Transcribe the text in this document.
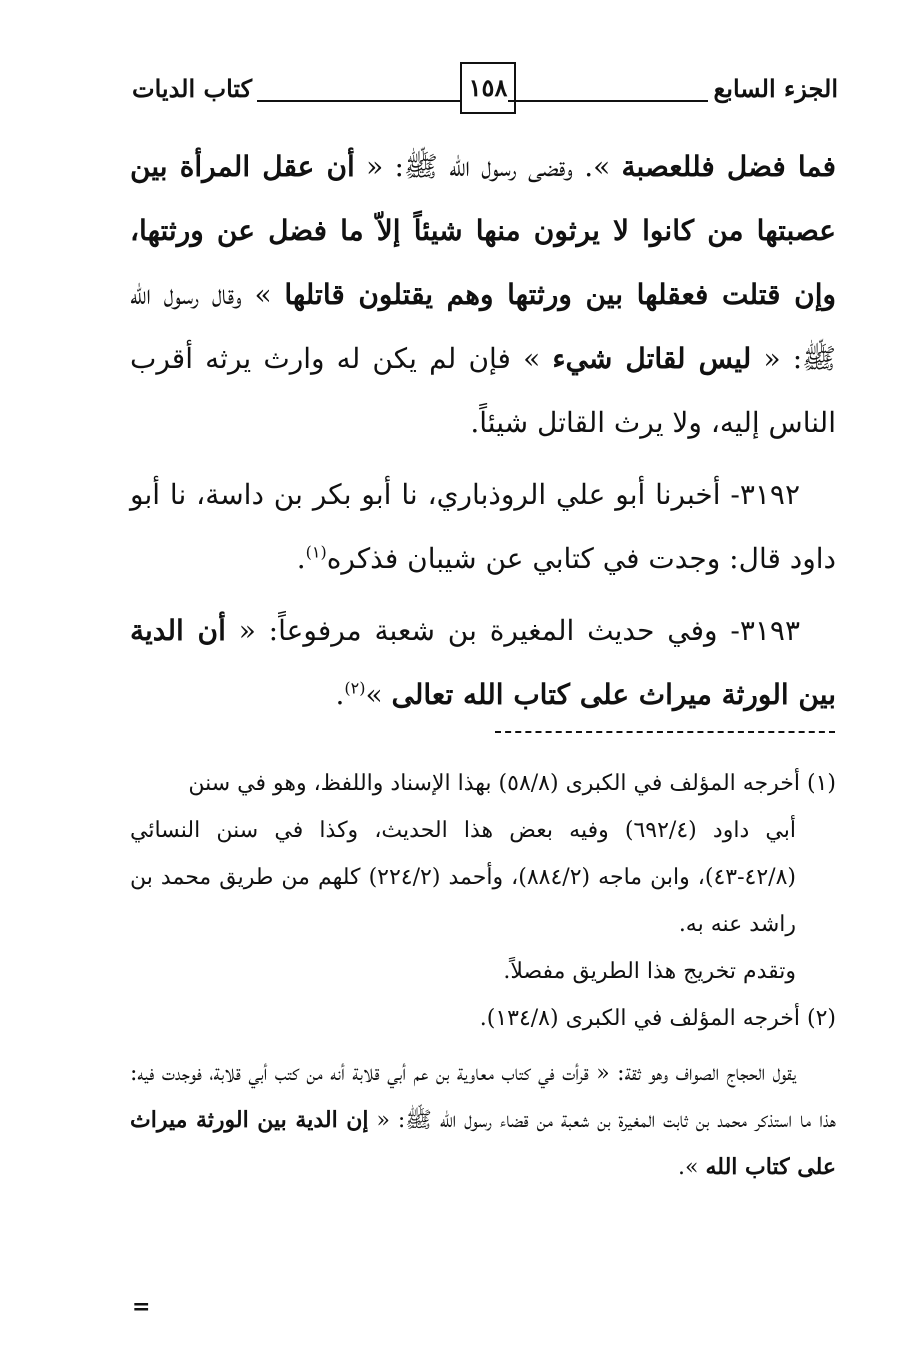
الجزء السابع
١٥٨
كتاب الديات

فما فضل فللعصبة ». وقضى رسول الله ﷺ: « أن عقل المرأة بين عصبتها من كانوا لا يرثون منها شيئاً إلاّ ما فضل عن ورثتها، وإن قتلت فعقلها بين ورثتها وهم يقتلون قاتلها » وقال رسول الله ﷺ: « ليس لقاتل شيء » فإن لم يكن له وارث يرثه أقرب الناس إليه، ولا يرث القاتل شيئاً.

٣١٩٢- أخبرنا أبو علي الروذباري، نا أبو بكر بن داسة، نا أبو داود قال: وجدت في كتابي عن شيبان فذكره$^{(١)}$.

٣١٩٣- وفي حديث المغيرة بن شعبة مرفوعاً: « أن الدية بين الورثة ميراث على كتاب الله تعالى »$^{(٢)}$.

(١) أخرجه المؤلف في الكبرى (٥٨/٨) بهذا الإسناد واللفظ، وهو في سنن

أبي داود (٦٩٢/٤) وفيه بعض هذا الحديث، وكذا في سنن النسائي (٤٢/٨-٤٣)، وابن ماجه (٨٨٤/٢)، وأحمد (٢٢٤/٢) كلهم من طريق محمد بن راشد عنه به.

وتقدم تخريج هذا الطريق مفصلاً.

(٢) أخرجه المؤلف في الكبرى (١٣٤/٨).

يقول الحجاج الصواف وهو ثقة: « قرأت في كتاب معاوية بن عم أبي قلابة أنه من كتب أبي قلابة، فوجدت فيه: هذا ما استذكر محمد بن ثابت المغيرة بن شعبة من قضاء رسول الله ﷺ: « إن الدية بين الورثة ميراث على كتاب الله ».

=
